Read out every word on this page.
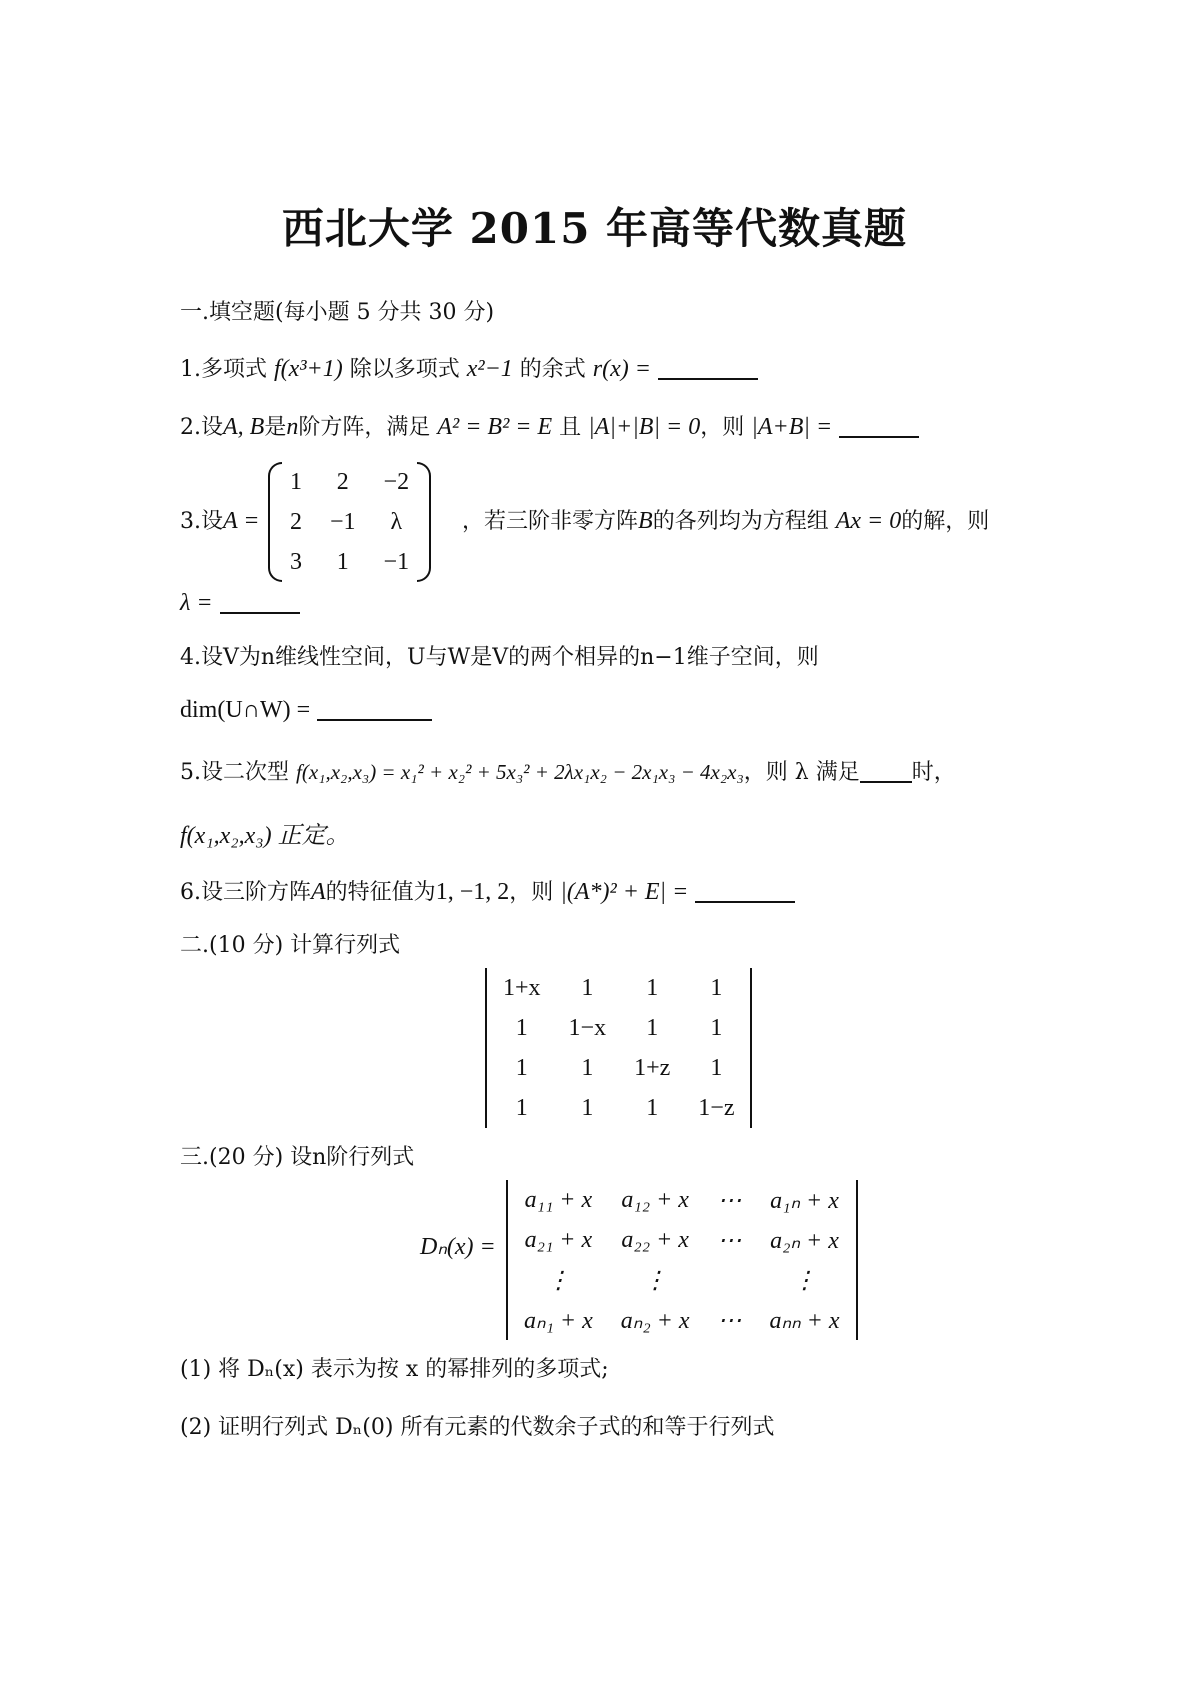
西北大学 2015 年高等代数真题
一.填空题(每小题 5 分共 30 分)
1.多项式 f(x³+1) 除以多项式 x²−1 的余式 r(x) =
2.设A, B是n阶方阵，满足 A² = B² = E 且 |A|+|B| = 0，则 |A+B| =
3.设A =
1	2	−2
2	−1	λ
3	1	−1
，若三阶非零方阵B的各列均为方程组 Ax = 0的解，则
λ =
4.设V为n维线性空间，U与W是V的两个相异的n−1维子空间，则
dim(U∩W) =
5.设二次型 f(x₁,x₂,x₃) = x₁² + x₂² + 5x₃² + 2λx₁x₂ − 2x₁x₃ − 4x₂x₃，则 λ 满足 时，
f(x₁,x₂,x₃) 正定。
6.设三阶方阵A的特征值为1, −1, 2，则 |(A*)² + E| =
二.(10 分) 计算行列式
1+x	1	1	1
1	1−x	1	1
1	1	1+z	1
1	1	1	1−z
三.(20 分) 设n阶行列式
Dₙ(x) =
a₁₁ + x	a₁₂ + x	⋯	a₁ₙ + x
a₂₁ + x	a₂₂ + x	⋯	a₂ₙ + x
⋮	⋮		⋮
aₙ₁ + x	aₙ₂ + x	⋯	aₙₙ + x
(1) 将 Dₙ(x) 表示为按 x 的幂排列的多项式;
(2) 证明行列式 Dₙ(0) 所有元素的代数余子式的和等于行列式
